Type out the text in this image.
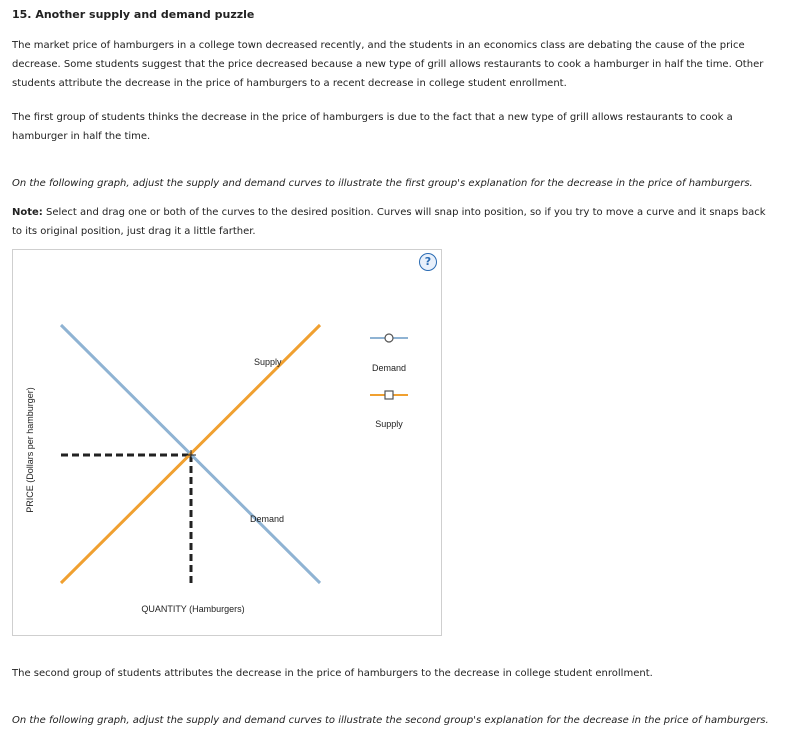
15. Another supply and demand puzzle
The market price of hamburgers in a college town decreased recently, and the students in an economics class are debating the cause of the price decrease. Some students suggest that the price decreased because a new type of grill allows restaurants to cook a hamburger in half the time. Other students attribute the decrease in the price of hamburgers to a recent decrease in college student enrollment.
The first group of students thinks the decrease in the price of hamburgers is due to the fact that a new type of grill allows restaurants to cook a hamburger in half the time.
On the following graph, adjust the supply and demand curves to illustrate the first group's explanation for the decrease in the price of hamburgers.
Note: Select and drag one or both of the curves to the desired position. Curves will snap into position, so if you try to move a curve and it snaps back to its original position, just drag it a little farther.
?
Supply
Demand
Demand
Supply
PRICE (Dollars per hamburger)
QUANTITY (Hamburgers)
The second group of students attributes the decrease in the price of hamburgers to the decrease in college student enrollment.
On the following graph, adjust the supply and demand curves to illustrate the second group's explanation for the decrease in the price of hamburgers.
